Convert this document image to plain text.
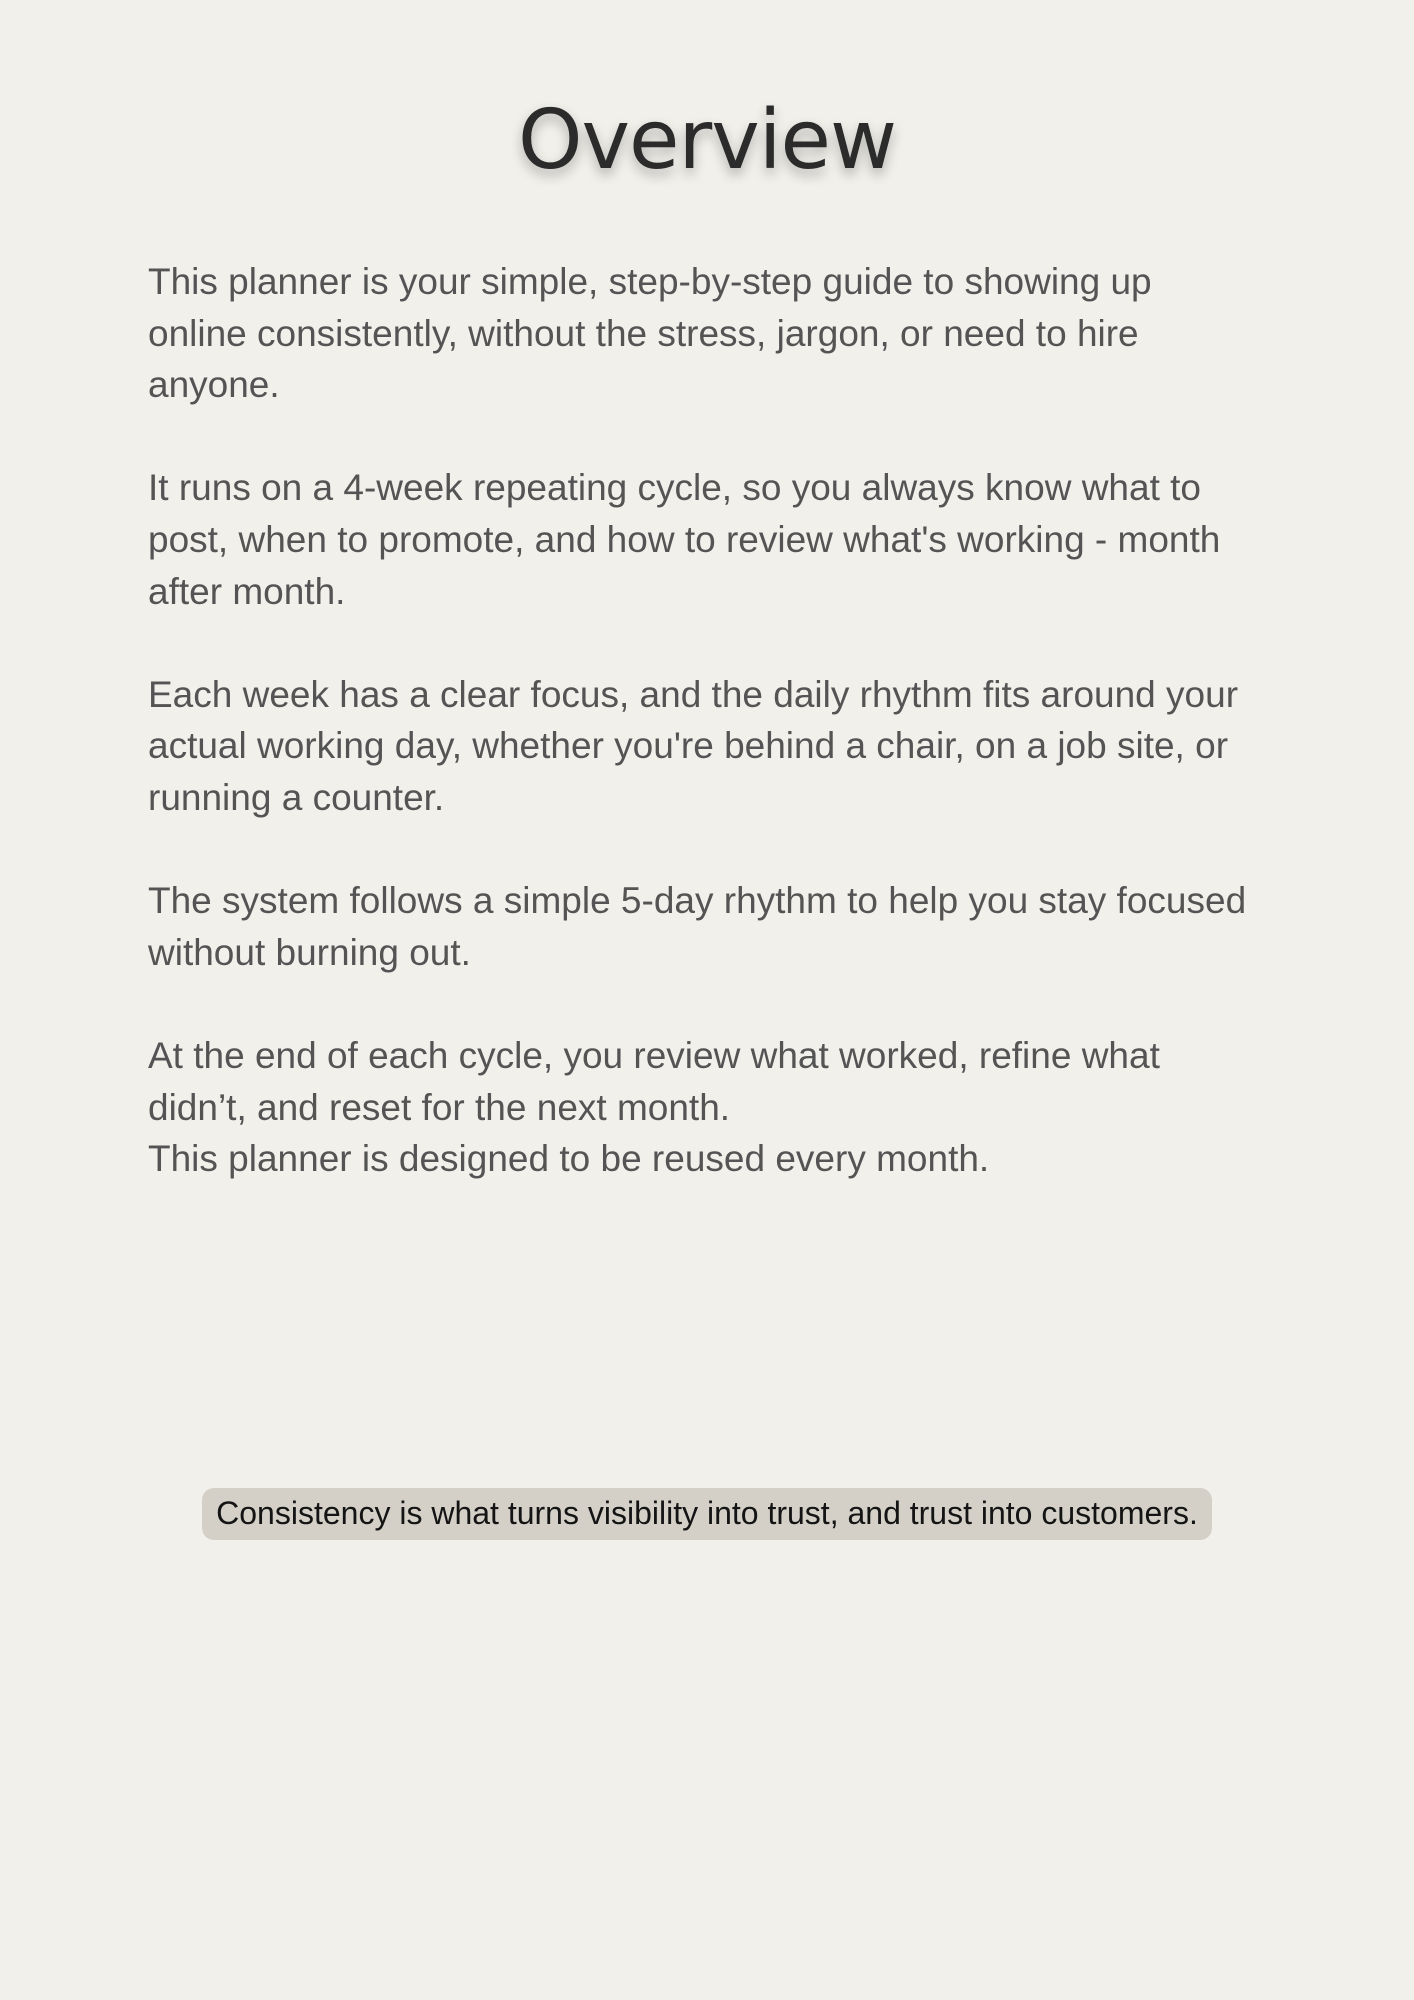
Overview

This planner is your simple, step-by-step guide to showing up
online consistently, without the stress, jargon, or need to hire
anyone.

It runs on a 4-week repeating cycle, so you always know what to
post, when to promote, and how to review what's working - month
after month.

Each week has a clear focus, and the daily rhythm fits around your
actual working day, whether you're behind a chair, on a job site, or
running a counter.

The system follows a simple 5-day rhythm to help you stay focused
without burning out.

At the end of each cycle, you review what worked, refine what
didn’t, and reset for the next month.
This planner is designed to be reused every month.

Consistency is what turns visibility into trust, and trust into customers.
